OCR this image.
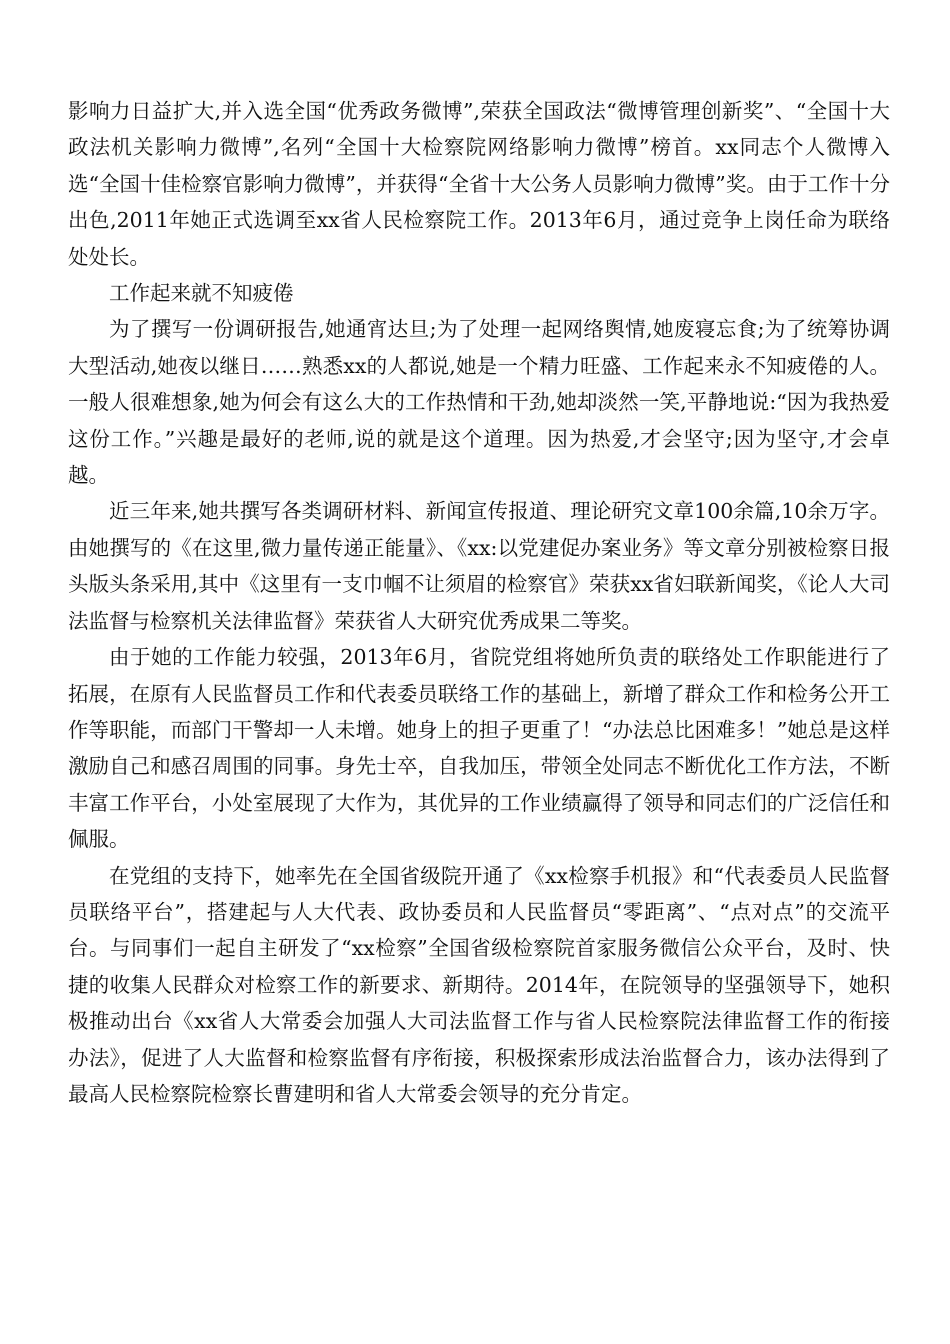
影响力日益扩大,并入选全国“优秀政务微博”,荣获全国政法“微博管理创新奖”、“全国十大政法机关影响力微博”,名列“全国十大检察院网络影响力微博”榜首。xx同志个人微博入选“全国十佳检察官影响力微博”，并获得“全省十大公务人员影响力微博”奖。由于工作十分出色,2011年她正式选调至xx省人民检察院工作。2013年6月，通过竞争上岗任命为联络处处长。

工作起来就不知疲倦

为了撰写一份调研报告,她通宵达旦;为了处理一起网络舆情,她废寝忘食;为了统筹协调大型活动,她夜以继日……熟悉xx的人都说,她是一个精力旺盛、工作起来永不知疲倦的人。一般人很难想象,她为何会有这么大的工作热情和干劲,她却淡然一笑,平静地说:“因为我热爱这份工作。”兴趣是最好的老师,说的就是这个道理。因为热爱,才会坚守;因为坚守,才会卓越。

近三年来,她共撰写各类调研材料、新闻宣传报道、理论研究文章100余篇,10余万字。由她撰写的《在这里,微力量传递正能量》、《xx:以党建促办案业务》等文章分别被检察日报头版头条采用,其中《这里有一支巾帼不让须眉的检察官》荣获xx省妇联新闻奖，《论人大司法监督与检察机关法律监督》荣获省人大研究优秀成果二等奖。

由于她的工作能力较强，2013年6月，省院党组将她所负责的联络处工作职能进行了拓展，在原有人民监督员工作和代表委员联络工作的基础上，新增了群众工作和检务公开工作等职能，而部门干警却一人未增。她身上的担子更重了！“办法总比困难多！”她总是这样激励自己和感召周围的同事。身先士卒，自我加压，带领全处同志不断优化工作方法，不断丰富工作平台，小处室展现了大作为，其优异的工作业绩赢得了领导和同志们的广泛信任和佩服。

在党组的支持下，她率先在全国省级院开通了《xx检察手机报》和“代表委员人民监督员联络平台”，搭建起与人大代表、政协委员和人民监督员“零距离”、“点对点”的交流平台。与同事们一起自主研发了“xx检察”全国省级检察院首家服务微信公众平台，及时、快捷的收集人民群众对检察工作的新要求、新期待。2014年，在院领导的坚强领导下，她积极推动出台《xx省人大常委会加强人大司法监督工作与省人民检察院法律监督工作的衔接办法》，促进了人大监督和检察监督有序衔接，积极探索形成法治监督合力，该办法得到了最高人民检察院检察长曹建明和省人大常委会领导的充分肯定。
